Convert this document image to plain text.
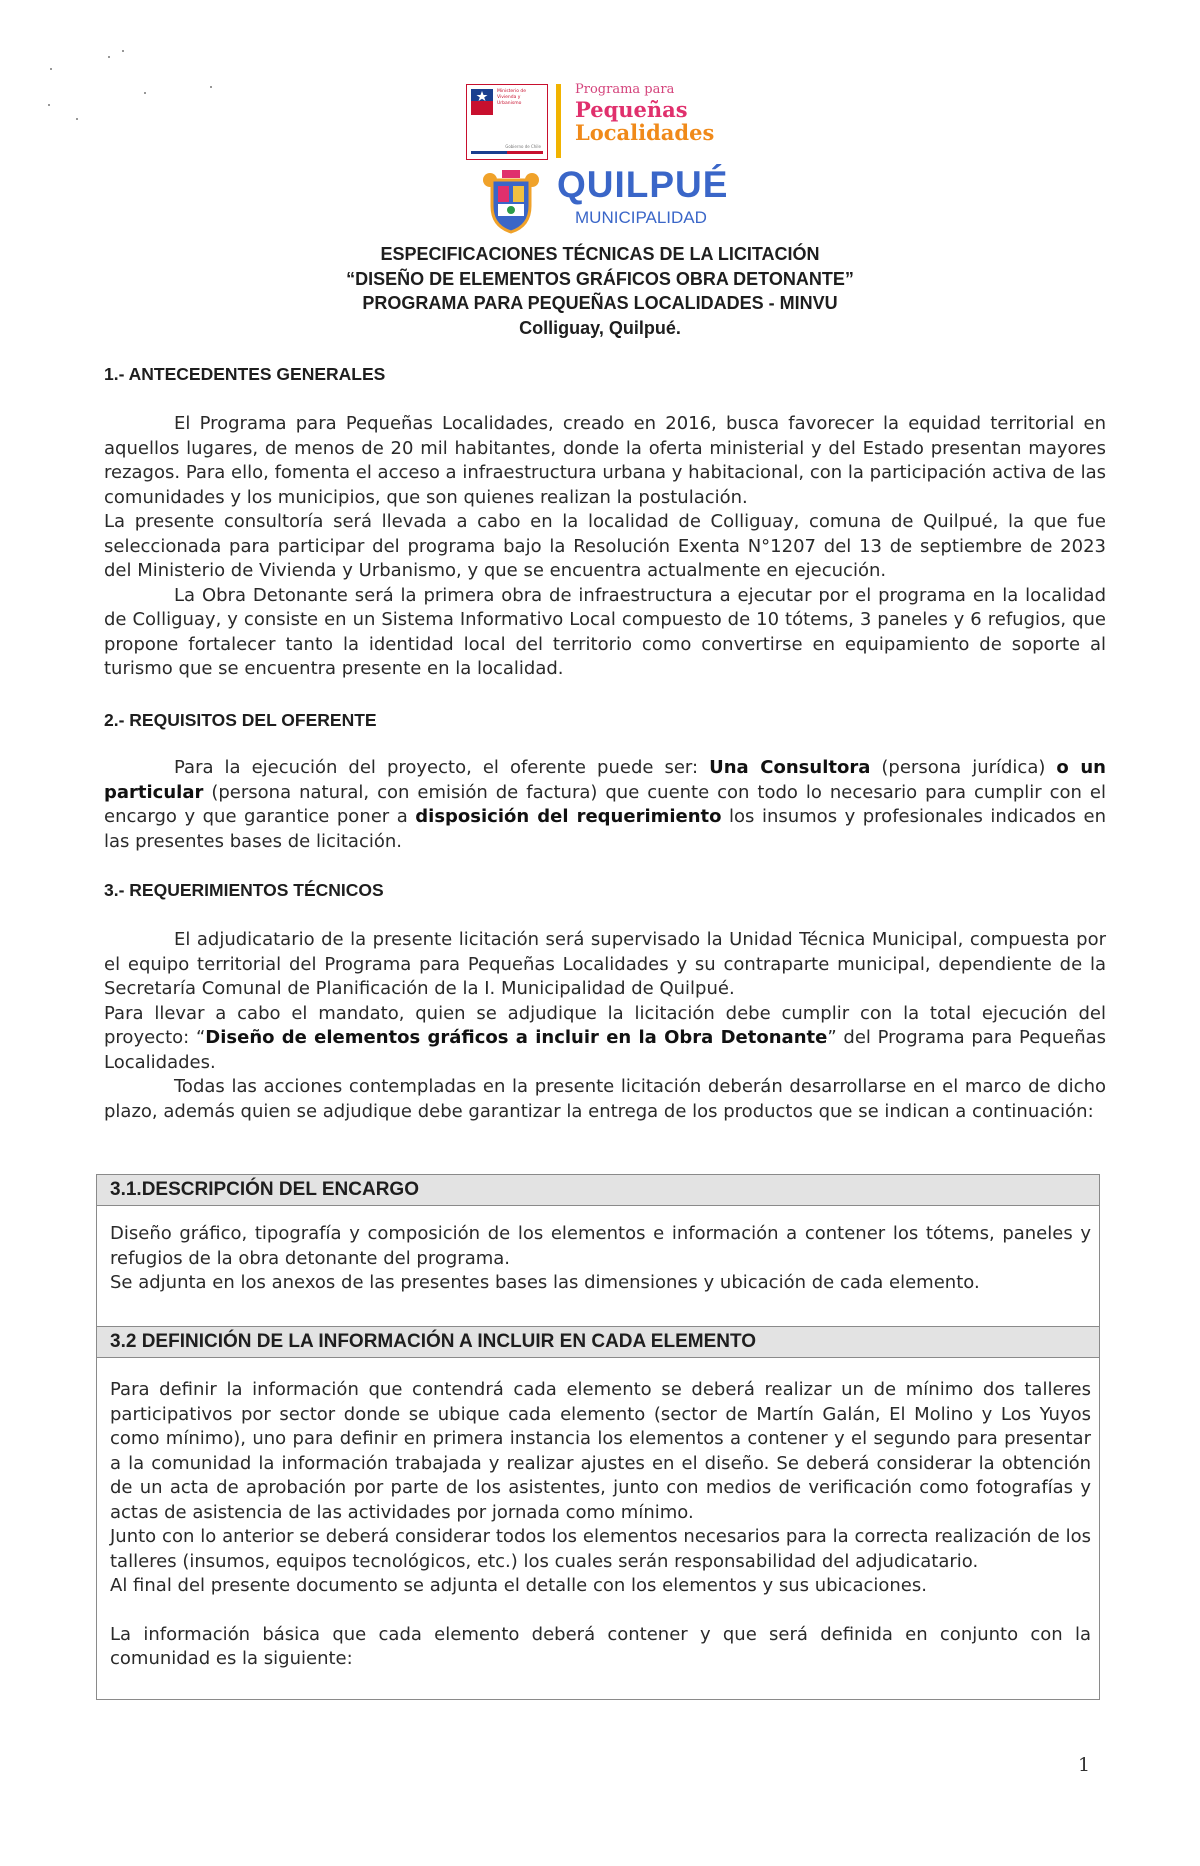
Ministerio de
Vivienda y
Urbanismo
Gobierno de Chile
Programa para
Pequeñas
Localidades
QUILPUÉ
MUNICIPALIDAD
ESPECIFICACIONES TÉCNICAS DE LA LICITACIÓN
“DISEÑO DE ELEMENTOS GRÁFICOS OBRA DETONANTE”
PROGRAMA PARA PEQUEÑAS LOCALIDADES - MINVU
Colliguay, Quilpué.
1.- ANTECEDENTES GENERALES
El Programa para Pequeñas Localidades, creado en 2016, busca favorecer la equidad territorial en aquellos lugares, de menos de 20 mil habitantes, donde la oferta ministerial y del Estado presentan mayores rezagos. Para ello, fomenta el acceso a infraestructura urbana y habitacional, con la participación activa de las comunidades y los municipios, que son quienes realizan la postulación.
La presente consultoría será llevada a cabo en la localidad de Colliguay, comuna de Quilpué, la que fue seleccionada para participar del programa bajo la Resolución Exenta N°1207 del 13 de septiembre de 2023 del Ministerio de Vivienda y Urbanismo, y que se encuentra actualmente en ejecución.
La Obra Detonante será la primera obra de infraestructura a ejecutar por el programa en la localidad de Colliguay, y consiste en un Sistema Informativo Local compuesto de 10 tótems, 3 paneles y 6 refugios, que propone fortalecer tanto la identidad local del territorio como convertirse en equipamiento de soporte al turismo que se encuentra presente en la localidad.
2.- REQUISITOS DEL OFERENTE
Para la ejecución del proyecto, el oferente puede ser: Una Consultora (persona jurídica) o un particular (persona natural, con emisión de factura) que cuente con todo lo necesario para cumplir con el encargo y que garantice poner a disposición del requerimiento los insumos y profesionales indicados en las presentes bases de licitación.
3.- REQUERIMIENTOS TÉCNICOS
El adjudicatario de la presente licitación será supervisado la Unidad Técnica Municipal, compuesta por el equipo territorial del Programa para Pequeñas Localidades y su contraparte municipal, dependiente de la Secretaría Comunal de Planificación de la I. Municipalidad de Quilpué.
Para llevar a cabo el mandato, quien se adjudique la licitación debe cumplir con la total ejecución del proyecto: “Diseño de elementos gráficos a incluir en la Obra Detonante” del Programa para Pequeñas Localidades.
Todas las acciones contempladas en la presente licitación deberán desarrollarse en el marco de dicho plazo, además quien se adjudique debe garantizar la entrega de los productos que se indican a continuación:
3.1.DESCRIPCIÓN DEL ENCARGO
Diseño gráfico, tipografía y composición de los elementos e información a contener los tótems, paneles y refugios de la obra detonante del programa.
Se adjunta en los anexos de las presentes bases las dimensiones y ubicación de cada elemento.
3.2 DEFINICIÓN DE LA INFORMACIÓN A INCLUIR EN CADA ELEMENTO
Para definir la información que contendrá cada elemento se deberá realizar un de mínimo dos talleres participativos por sector donde se ubique cada elemento (sector de Martín Galán, El Molino y Los Yuyos como mínimo), uno para definir en primera instancia los elementos a contener y el segundo para presentar a la comunidad la información trabajada y realizar ajustes en el diseño. Se deberá considerar la obtención de un acta de aprobación por parte de los asistentes, junto con medios de verificación como fotografías y actas de asistencia de las actividades por jornada como mínimo.
Junto con lo anterior se deberá considerar todos los elementos necesarios para la correcta realización de los talleres (insumos, equipos tecnológicos, etc.) los cuales serán responsabilidad del adjudicatario.
Al final del presente documento se adjunta el detalle con los elementos y sus ubicaciones.
La información básica que cada elemento deberá contener y que será definida en conjunto con la comunidad es la siguiente:
1
